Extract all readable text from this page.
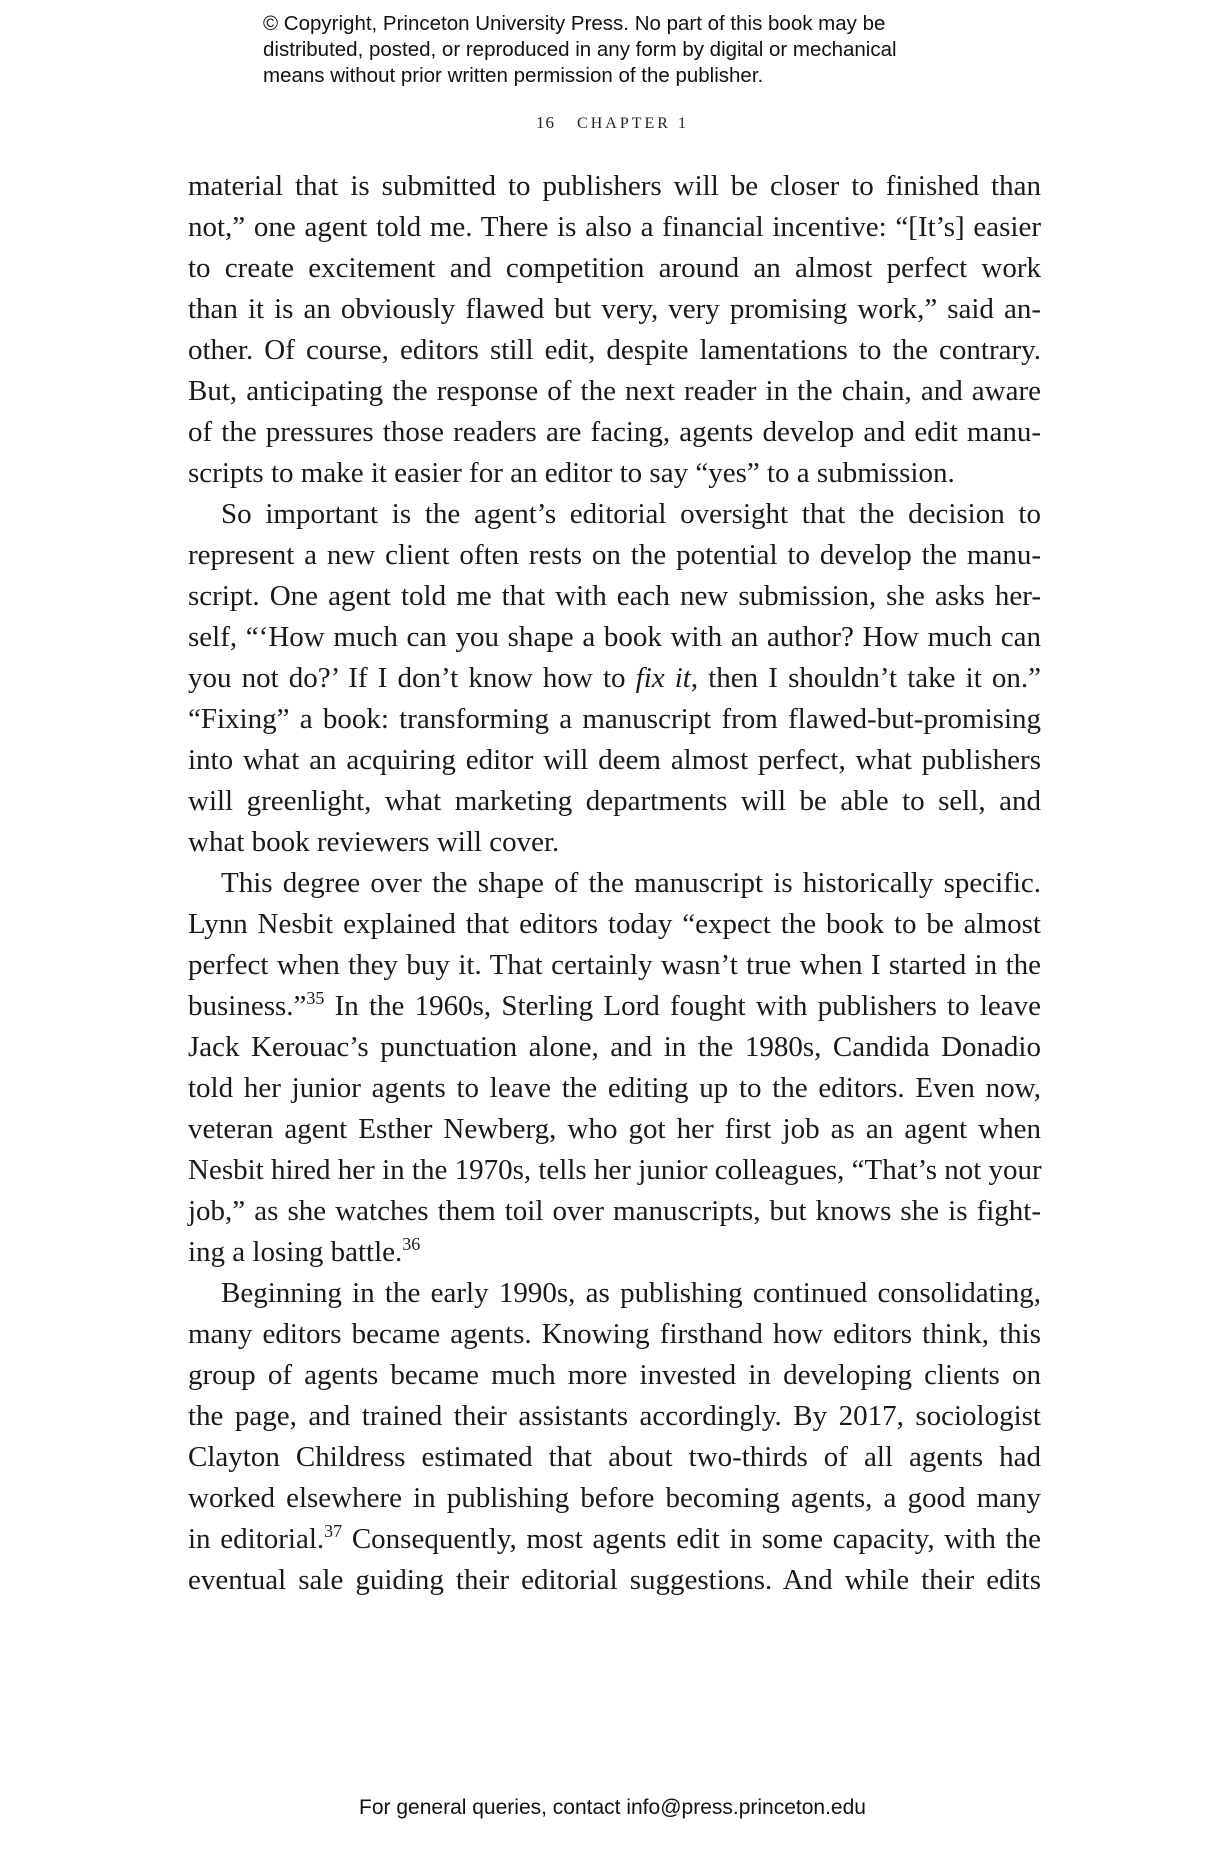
© Copyright, Princeton University Press. No part of this book may be
distributed, posted, or reproduced in any form by digital or mechanical
means without prior written permission of the publisher.
16 CHAPTER 1

material that is submitted to publishers will be closer to finished than
not,” one agent told me. There is also a financial incentive: “[It’s] easier
to create excitement and competition around an almost perfect work
than it is an obviously flawed but very, very promising work,” said an-
other. Of course, editors still edit, despite lamentations to the contrary.
But, anticipating the response of the next reader in the chain, and aware
of the pressures those readers are facing, agents develop and edit manu-
scripts to make it easier for an editor to say “yes” to a submission.

So important is the agent’s editorial oversight that the decision to
represent a new client often rests on the potential to develop the manu-
script. One agent told me that with each new submission, she asks her-
self, “‘How much can you shape a book with an author? How much can
you not do?’ If I don’t know how to fix it, then I shouldn’t take it on.”
“Fixing” a book: transforming a manuscript from flawed-but-promising
into what an acquiring editor will deem almost perfect, what publishers
will greenlight, what marketing departments will be able to sell, and
what book reviewers will cover.

This degree over the shape of the manuscript is historically specific.
Lynn Nesbit explained that editors today “expect the book to be almost
perfect when they buy it. That certainly wasn’t true when I started in the
business.”$^{35}$ In the 1960s, Sterling Lord fought with publishers to leave
Jack Kerouac’s punctuation alone, and in the 1980s, Candida Donadio
told her junior agents to leave the editing up to the editors. Even now,
veteran agent Esther Newberg, who got her first job as an agent when
Nesbit hired her in the 1970s, tells her junior colleagues, “That’s not your
job,” as she watches them toil over manuscripts, but knows she is fight-
ing a losing battle.$^{36}$

Beginning in the early 1990s, as publishing continued consolidating,
many editors became agents. Knowing firsthand how editors think, this
group of agents became much more invested in developing clients on
the page, and trained their assistants accordingly. By 2017, sociologist
Clayton Childress estimated that about two-thirds of all agents had
worked elsewhere in publishing before becoming agents, a good many
in editorial.$^{37}$ Consequently, most agents edit in some capacity, with the
eventual sale guiding their editorial suggestions. And while their edits

For general queries, contact info@press.princeton.edu
